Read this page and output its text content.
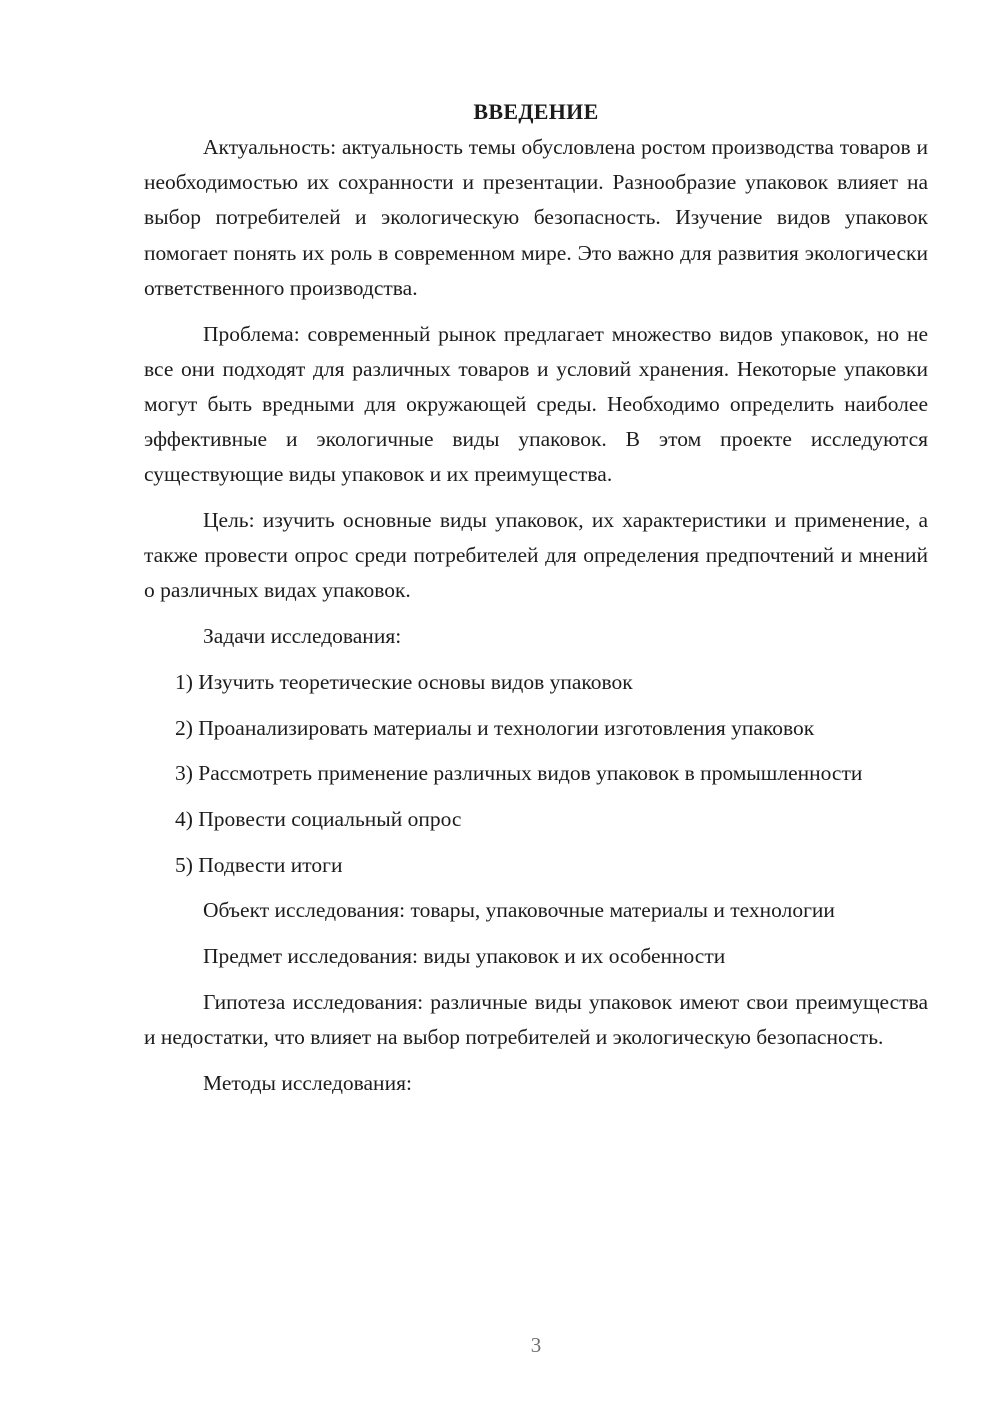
ВВЕДЕНИЕ

Актуальность: актуальность темы обусловлена ростом производства товаров и необходимостью их сохранности и презентации. Разнообразие упаковок влияет на выбор потребителей и экологическую безопасность. Изучение видов упаковок помогает понять их роль в современном мире. Это важно для развития экологически ответственного производства.

Проблема: современный рынок предлагает множество видов упаковок, но не все они подходят для различных товаров и условий хранения. Некоторые упаковки могут быть вредными для окружающей среды. Необходимо определить наиболее эффективные и экологичные виды упаковок. В этом проекте исследуются существующие виды упаковок и их преимущества.

Цель: изучить основные виды упаковок, их характеристики и применение, а также провести опрос среди потребителей для определения предпочтений и мнений о различных видах упаковок.

Задачи исследования:

1) Изучить теоретические основы видов упаковок

2) Проанализировать материалы и технологии изготовления упаковок

3) Рассмотреть применение различных видов упаковок в промышленности

4) Провести социальный опрос

5) Подвести итоги

Объект исследования: товары, упаковочные материалы и технологии

Предмет исследования: виды упаковок и их особенности

Гипотеза исследования: различные виды упаковок имеют свои преимущества и недостатки, что влияет на выбор потребителей и экологическую безопасность.

Методы исследования:

3
